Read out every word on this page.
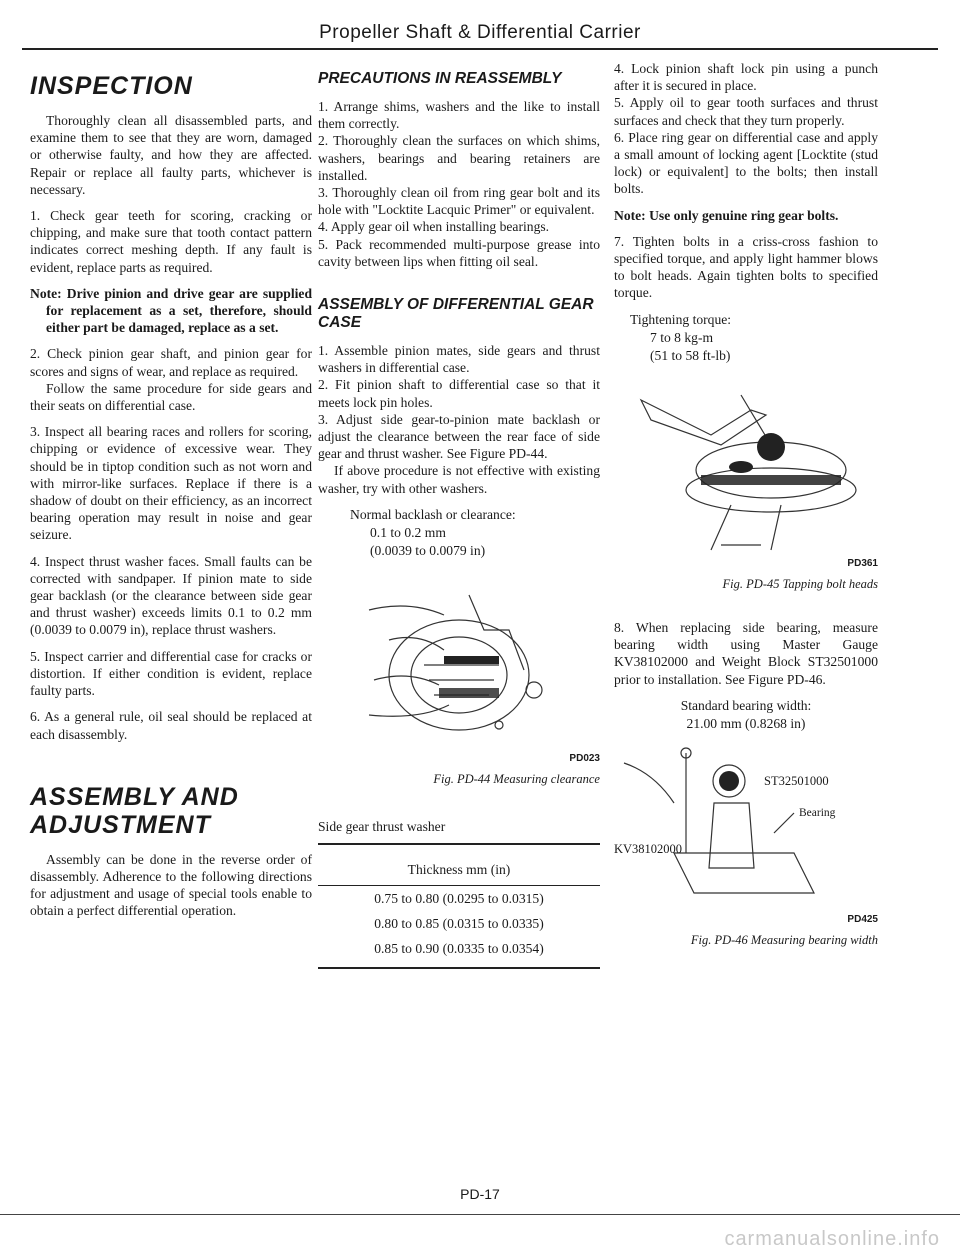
Propeller Shaft & Differential Carrier
INSPECTION

Thoroughly clean all disassembled parts, and examine them to see that they are worn, damaged or otherwise faulty, and how they are affected. Repair or replace all faulty parts, whichever is necessary.

1. Check gear teeth for scoring, cracking or chipping, and make sure that tooth contact pattern indicates correct meshing depth. If any fault is evident, replace parts as required.

Note: Drive pinion and drive gear are supplied for replacement as a set, therefore, should either part be damaged, replace as a set.

2. Check pinion gear shaft, and pinion gear for scores and signs of wear, and replace as required.

Follow the same procedure for side gears and their seats on differential case.

3. Inspect all bearing races and rollers for scoring, chipping or evidence of excessive wear. They should be in tiptop condition such as not worn and with mirror-like surfaces. Replace if there is a shadow of doubt on their efficiency, as an incorrect bearing operation may result in noise and gear seizure.

4. Inspect thrust washer faces. Small faults can be corrected with sandpaper. If pinion mate to side gear backlash (or the clearance between side gear and thrust washer) exceeds limits 0.1 to 0.2 mm (0.0039 to 0.0079 in), replace thrust washers.

5. Inspect carrier and differential case for cracks or distortion. If either condition is evident, replace faulty parts.

6. As a general rule, oil seal should be replaced at each disassembly.

ASSEMBLY AND ADJUSTMENT

Assembly can be done in the reverse order of disassembly. Adherence to the following directions for adjustment and usage of special tools enable to obtain a perfect differential operation.

PRECAUTIONS IN REASSEMBLY

1. Arrange shims, washers and the like to install them correctly.

2. Thoroughly clean the surfaces on which shims, washers, bearings and bearing retainers are installed.

3. Thoroughly clean oil from ring gear bolt and its hole with "Locktite Lacquic Primer" or equivalent.

4. Apply gear oil when installing bearings.

5. Pack recommended multi-purpose grease into cavity between lips when fitting oil seal.

ASSEMBLY OF DIFFERENTIAL GEAR CASE

1. Assemble pinion mates, side gears and thrust washers in differential case.

2. Fit pinion shaft to differential case so that it meets lock pin holes.

3. Adjust side gear-to-pinion mate backlash or adjust the clearance between the rear face of side gear and thrust washer. See Figure PD-44.

If above procedure is not effective with existing washer, try with other washers.

Normal backlash or clearance:
0.1 to 0.2 mm
(0.0039 to 0.0079 in)
PD023
Fig. PD-44 Measuring clearance
Side gear thrust washer
Thickness mm (in)
0.75 to 0.80 (0.0295 to 0.0315)
0.80 to 0.85 (0.0315 to 0.0335)
0.85 to 0.90 (0.0335 to 0.0354)

4. Lock pinion shaft lock pin using a punch after it is secured in place.

5. Apply oil to gear tooth surfaces and thrust surfaces and check that they turn properly.

6. Place ring gear on differential case and apply a small amount of locking agent [Locktite (stud lock) or equivalent] to the bolts; then install bolts.

Note: Use only genuine ring gear bolts.

7. Tighten bolts in a criss-cross fashion to specified torque, and apply light hammer blows to bolt heads. Again tighten bolts to specified torque.

Tightening torque:
7 to 8 kg-m
(51 to 58 ft-lb)
PD361
Fig. PD-45 Tapping bolt heads

8. When replacing side bearing, measure bearing width using Master Gauge KV38102000 and Weight Block ST32501000 prior to installation. See Figure PD-46.

Standard bearing width:
21.00 mm (0.8268 in)
ST32501000
Bearing
KV38102000
PD425
Fig. PD-46 Measuring bearing width
PD-17
carmanualsonline.info
